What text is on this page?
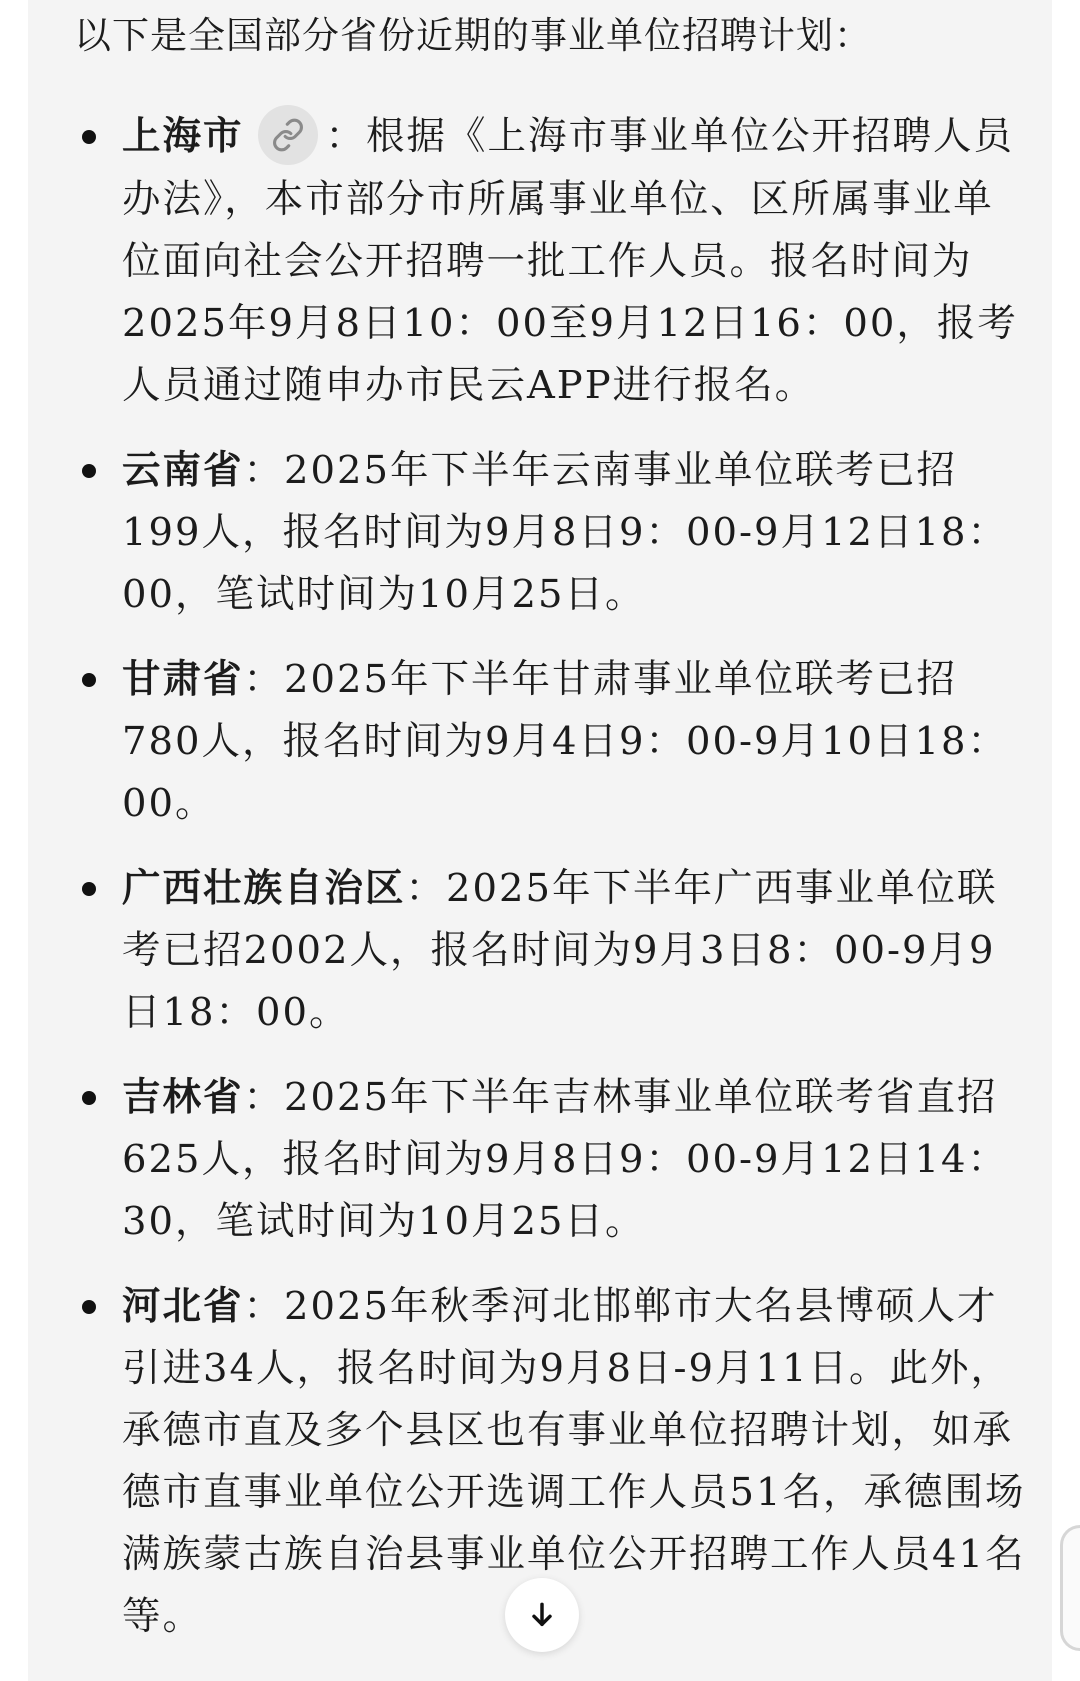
以下是全国部分省份近期的事业单位招聘计划：

上海市 ：根据《上海市事业单位公开招聘人员办法》，本市部分市所属事业单位、区所属事业单位面向社会公开招聘一批工作人员。报名时间为2025年9月8日10：00至9月12日16：00，报考人员通过随申办市民云APP进行报名。
云南省：2025年下半年云南事业单位联考已招199人，报名时间为9月8日9：00-9月12日18：00，笔试时间为10月25日。
甘肃省：2025年下半年甘肃事业单位联考已招780人，报名时间为9月4日9：00-9月10日18：00。
广西壮族自治区：2025年下半年广西事业单位联考已招2002人，报名时间为9月3日8：00-9月9日18：00。
吉林省：2025年下半年吉林事业单位联考省直招625人，报名时间为9月8日9：00-9月12日14：30，笔试时间为10月25日。
河北省：2025年秋季河北邯郸市大名县博硕人才引进34人，报名时间为9月8日-9月11日。此外，承德市直及多个县区也有事业单位招聘计划，如承德市直事业单位公开选调工作人员51名，承德围场满族蒙古族自治县事业单位公开招聘工作人员41名等。
